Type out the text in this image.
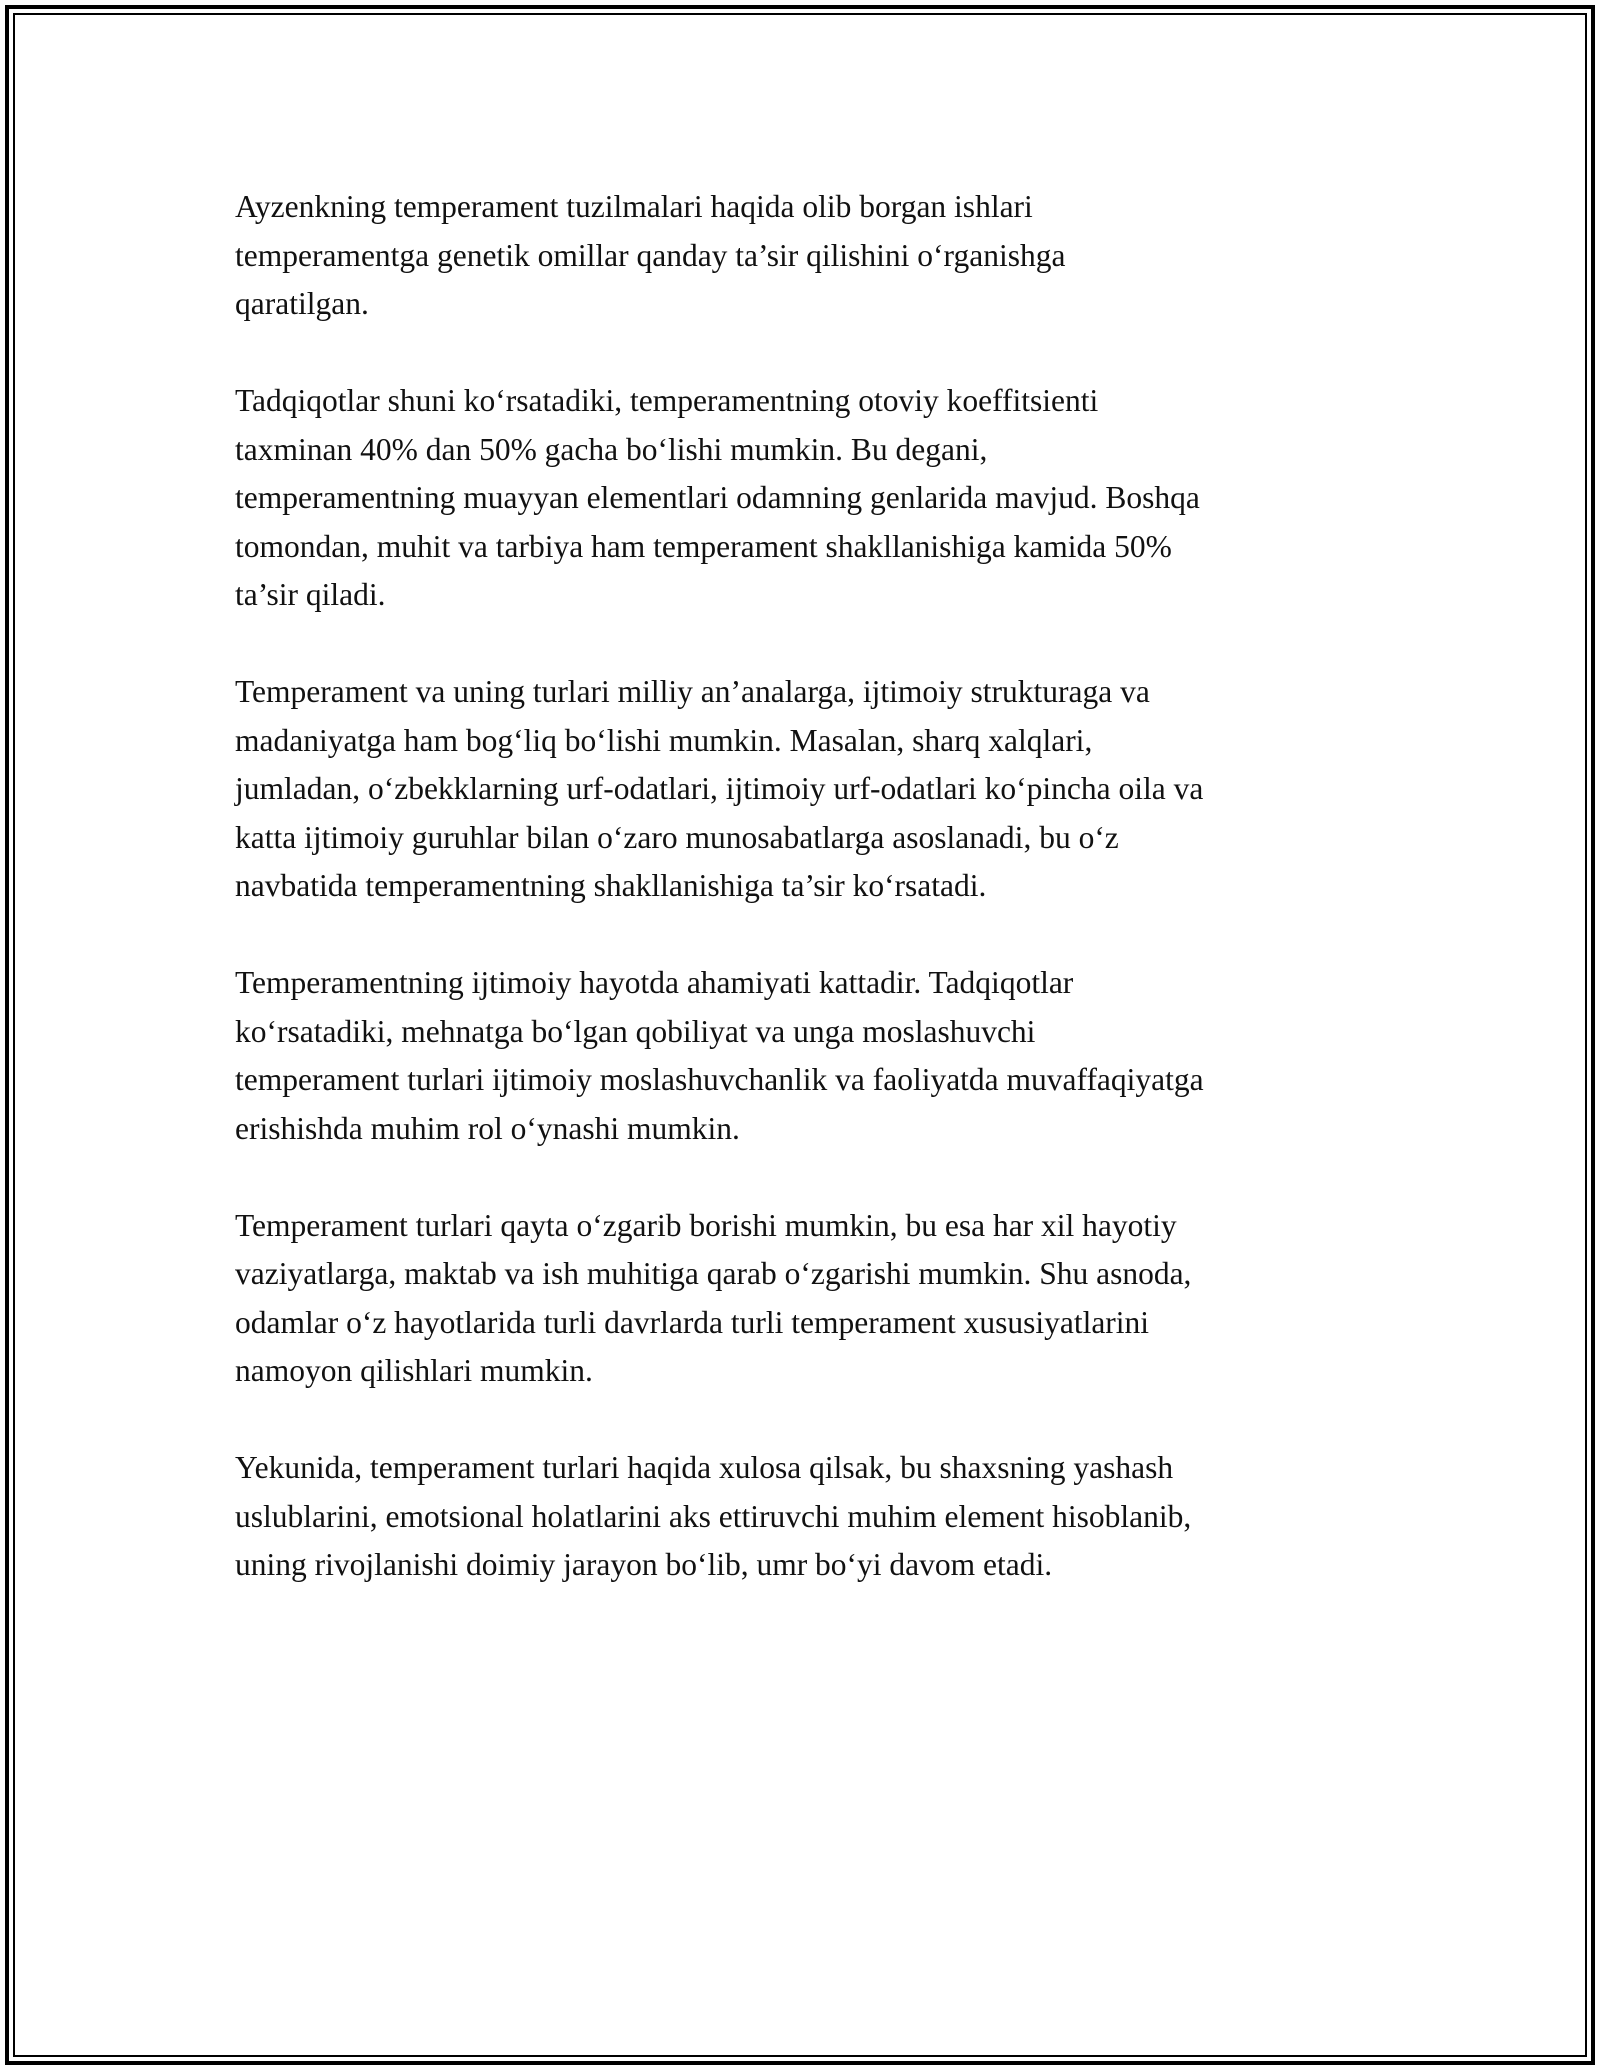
Ayzenkning temperament tuzilmalari haqida olib borgan ishlari
temperamentga genetik omillar qanday ta’sir qilishini o‘rganishga
qaratilgan.

Tadqiqotlar shuni ko‘rsatadiki, temperamentning otoviy koeffitsienti
taxminan 40% dan 50% gacha bo‘lishi mumkin. Bu degani,
temperamentning muayyan elementlari odamning genlarida mavjud. Boshqa
tomondan, muhit va tarbiya ham temperament shakllanishiga kamida 50%
ta’sir qiladi.

Temperament va uning turlari milliy an’analarga, ijtimoiy strukturaga va
madaniyatga ham bog‘liq bo‘lishi mumkin. Masalan, sharq xalqlari,
jumladan, o‘zbekklarning urf-odatlari, ijtimoiy urf-odatlari ko‘pincha oila va
katta ijtimoiy guruhlar bilan o‘zaro munosabatlarga asoslanadi, bu o‘z
navbatida temperamentning shakllanishiga ta’sir ko‘rsatadi.

Temperamentning ijtimoiy hayotda ahamiyati kattadir. Tadqiqotlar
ko‘rsatadiki, mehnatga bo‘lgan qobiliyat va unga moslashuvchi
temperament turlari ijtimoiy moslashuvchanlik va faoliyatda muvaffaqiyatga
erishishda muhim rol o‘ynashi mumkin.

Temperament turlari qayta o‘zgarib borishi mumkin, bu esa har xil hayotiy
vaziyatlarga, maktab va ish muhitiga qarab o‘zgarishi mumkin. Shu asnoda,
odamlar o‘z hayotlarida turli davrlarda turli temperament xususiyatlarini
namoyon qilishlari mumkin.

Yekunida, temperament turlari haqida xulosa qilsak, bu shaxsning yashash
uslublarini, emotsional holatlarini aks ettiruvchi muhim element hisoblanib,
uning rivojlanishi doimiy jarayon bo‘lib, umr bo‘yi davom etadi.
